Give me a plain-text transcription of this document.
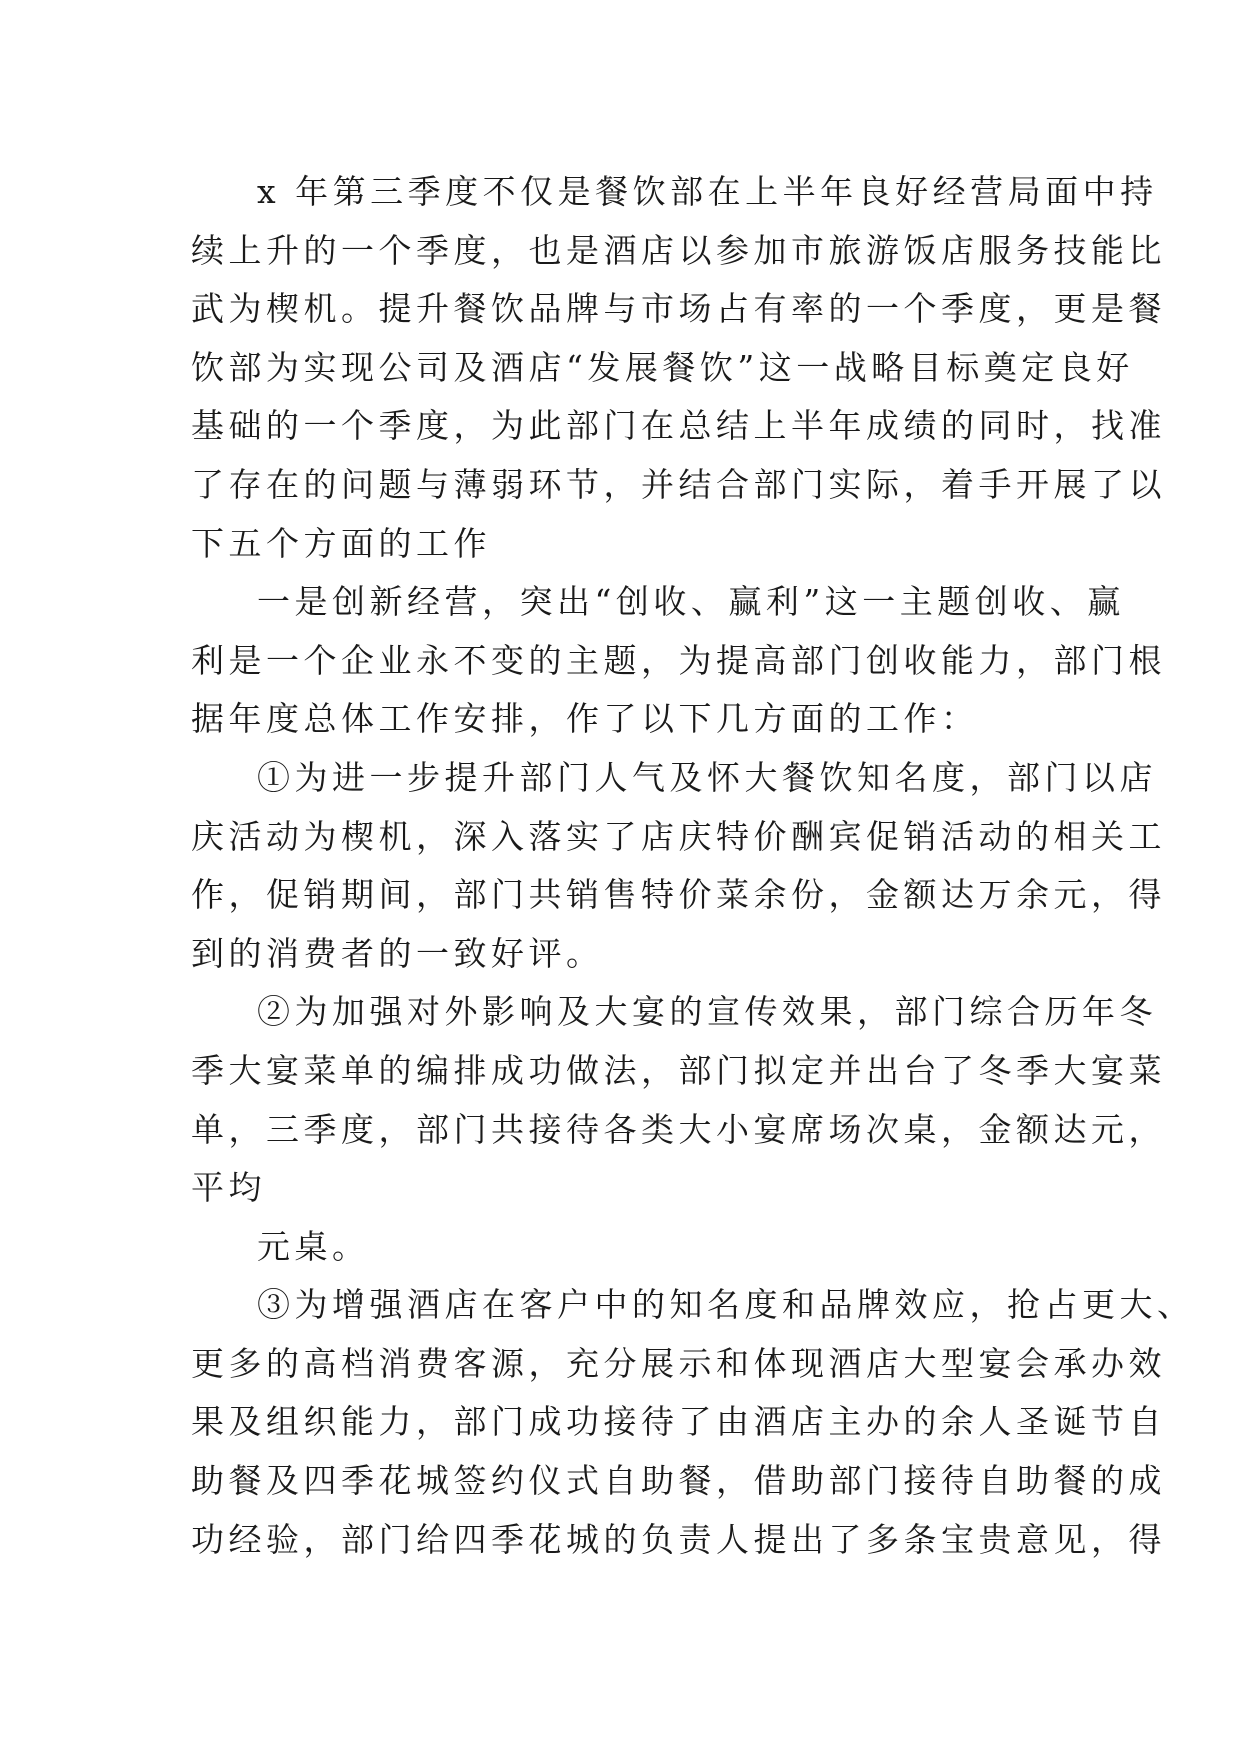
x 年第三季度不仅是餐饮部在上半年良好经营局面中持
续上升的一个季度，也是酒店以参加市旅游饭店服务技能比
武为楔机。提升餐饮品牌与市场占有率的一个季度，更是餐
饮部为实现公司及酒店“发展餐饮”这一战略目标奠定良好
基础的一个季度，为此部门在总结上半年成绩的同时，找准
了存在的问题与薄弱环节，并结合部门实际，着手开展了以
下五个方面的工作
一是创新经营，突出“创收、赢利”这一主题创收、赢
利是一个企业永不变的主题，为提高部门创收能力，部门根
据年度总体工作安排，作了以下几方面的工作：
①为进一步提升部门人气及怀大餐饮知名度，部门以店
庆活动为楔机，深入落实了店庆特价酬宾促销活动的相关工
作，促销期间，部门共销售特价菜余份，金额达万余元，得
到的消费者的一致好评。
②为加强对外影响及大宴的宣传效果，部门综合历年冬
季大宴菜单的编排成功做法，部门拟定并出台了冬季大宴菜
单，三季度，部门共接待各类大小宴席场次桌，金额达元，
平均
元桌。
③为增强酒店在客户中的知名度和品牌效应，抢占更大、
更多的高档消费客源，充分展示和体现酒店大型宴会承办效
果及组织能力，部门成功接待了由酒店主办的余人圣诞节自
助餐及四季花城签约仪式自助餐，借助部门接待自助餐的成
功经验，部门给四季花城的负责人提出了多条宝贵意见，得
